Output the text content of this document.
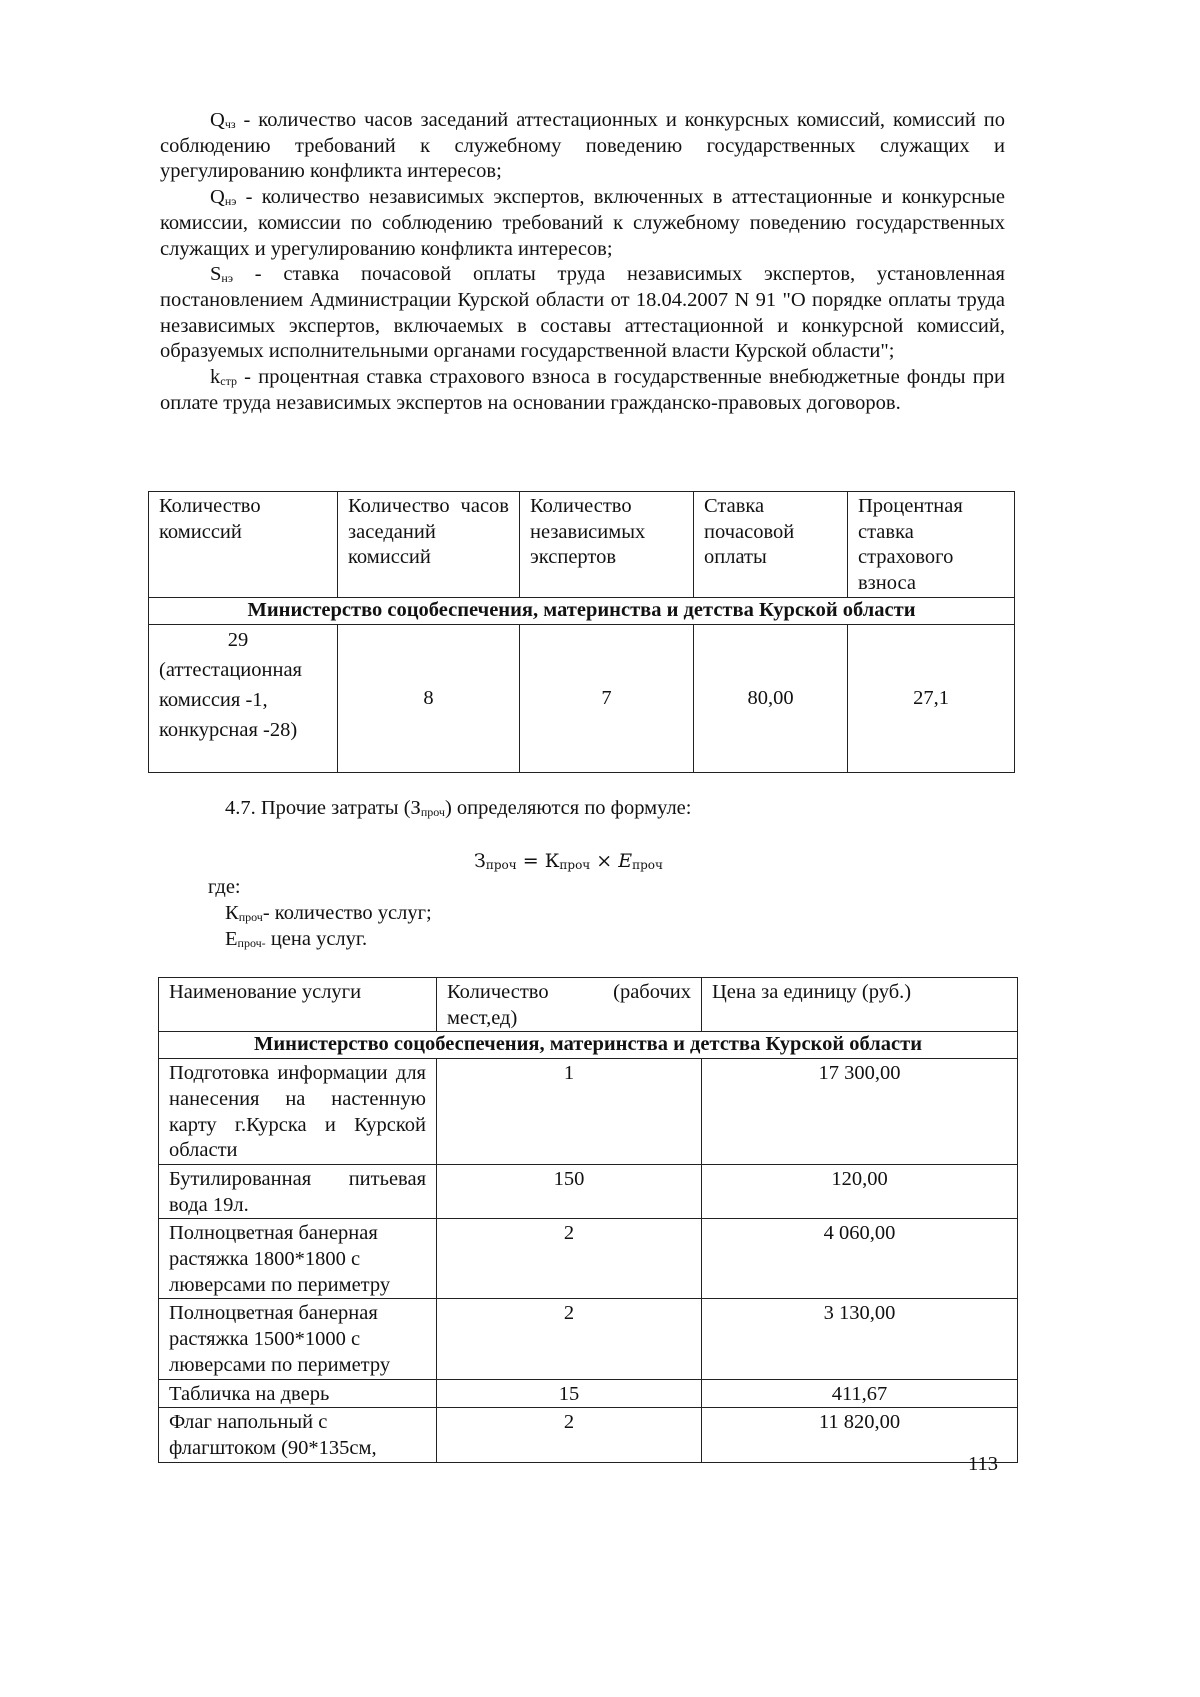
$Q_{чз}$ - количество часов заседаний аттестационных и конкурсных комиссий, комиссий по соблюдению требований к служебному поведению государственных служащих и урегулированию конфликта интересов;

$Q_{нэ}$ - количество независимых экспертов, включенных в аттестационные и конкурсные комиссии, комиссии по соблюдению требований к служебному поведению государственных служащих и урегулированию конфликта интересов;

$S_{нэ}$ - ставка почасовой оплаты труда независимых экспертов, установленная постановлением Администрации Курской области от 18.04.2007 N 91 "О порядке оплаты труда независимых экспертов, включаемых в составы аттестационной и конкурсной комиссий, образуемых исполнительными органами государственной власти Курской области";

$k_{стр}$ - процентная ставка страхового взноса в государственные внебюджетные фонды при оплате труда независимых экспертов на основании гражданско-правовых договоров.

Количество комиссий	Количество часов заседаний комиссий	Количество независимых экспертов	Ставка почасовой оплаты	Процентная ставка страхового взноса
Министерство соцобеспечения, материнства и детства Курской области				

29
(аттестационная комиссия -1, конкурсная -28)	8	7	80,00	27,1
4.7. Прочие затраты $(З_{проч})$ определяются по формуле:
$З_{проч} = К_{проч} \times E_{проч}$
где:
$К_{проч}-$ количество услуг;
$Е_{проч-}$ цена услуг.
Наименование услуги	Количество (рабочих мест,ед)	Цена за единицу (руб.)
Министерство соцобеспечения, материнства и детства Курской области		
Подготовка информации для нанесения на настенную карту г.Курска и Курской области	1	17 300,00
Бутилированная питьевая вода 19л.	150	120,00
Полноцветная банерная растяжка 1800*1800 с люверсами по периметру	2	4 060,00
Полноцветная банерная растяжка 1500*1000 с люверсами по периметру	2	3 130,00
Табличка на дверь	15	411,67
Флаг напольный с флагштоком (90*135см,	2	11 820,00
113
